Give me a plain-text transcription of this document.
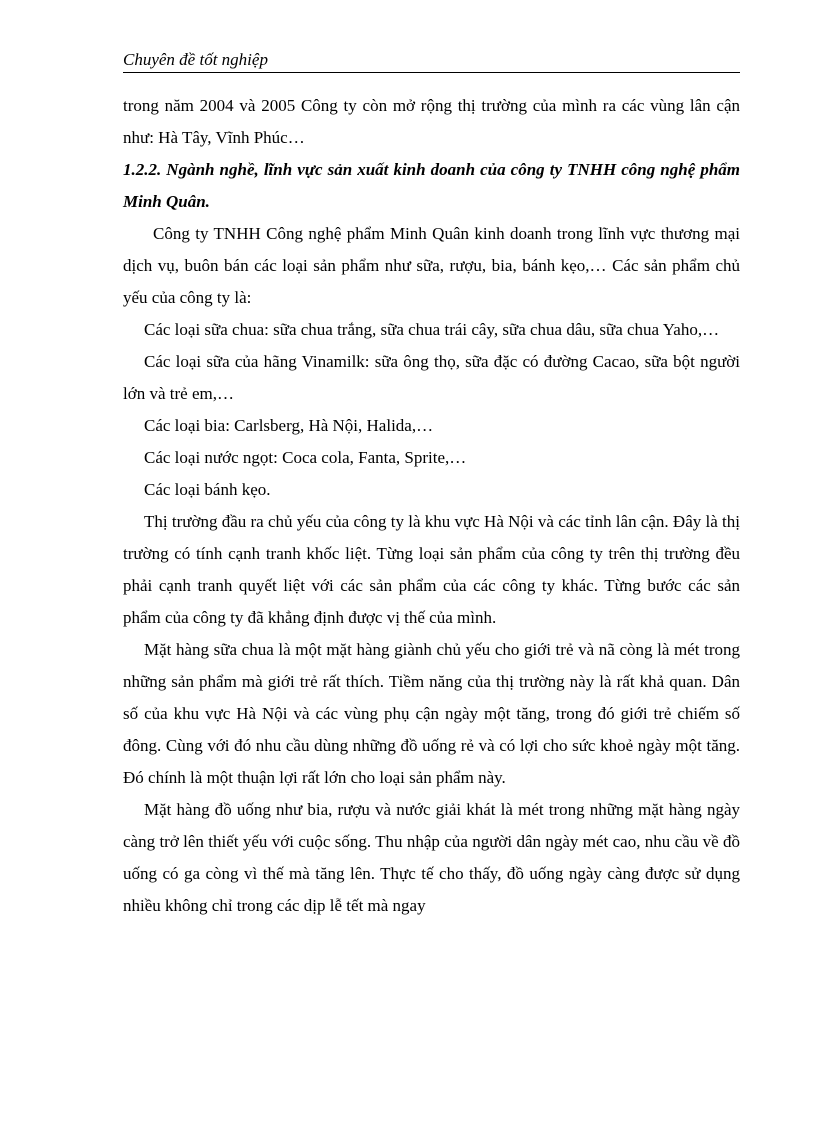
Chuyên đề tốt nghiệp

trong năm 2004 và 2005 Công ty còn mở rộng thị trường của mình ra các vùng lân cận như: Hà Tây, Vĩnh Phúc…

1.2.2. Ngành nghề, lĩnh vực sản xuất kinh doanh của công ty TNHH công nghệ phẩm Minh Quân.

Công ty TNHH Công nghệ phẩm Minh Quân kinh doanh trong lĩnh vực thương mại dịch vụ, buôn bán các loại sản phẩm như sữa, rượu, bia, bánh kẹo,… Các sản phẩm chủ yếu của công ty là:

Các loại sữa chua: sữa chua trắng, sữa chua trái cây, sữa chua dâu, sữa chua Yaho,…

Các loại sữa của hãng Vinamilk: sữa ông thọ, sữa đặc có đường Cacao, sữa bột người lớn và trẻ em,…

Các loại bia: Carlsberg, Hà Nội, Halida,…

Các loại nước ngọt: Coca cola, Fanta, Sprite,…

Các loại bánh kẹo.

Thị trường đầu ra chủ yếu của công ty là khu vực Hà Nội và các tỉnh lân cận. Đây là thị trường có tính cạnh tranh khốc liệt. Từng loại sản phẩm của công ty trên thị trường đều phải cạnh tranh quyết liệt với các sản phẩm của các công ty khác. Từng bước các sản phẩm của công ty đã khẳng định được vị thế của mình.

Mặt hàng sữa chua là một mặt hàng giành chủ yếu cho giới trẻ và nã còng là mét trong những sản phẩm mà giới trẻ rất thích. Tiềm năng của thị trường này là rất khả quan. Dân số của khu vực Hà Nội và các vùng phụ cận ngày một tăng, trong đó giới trẻ chiếm số đông. Cùng với đó nhu cầu dùng những đồ uống rẻ và có lợi cho sức khoẻ ngày một tăng. Đó chính là một thuận lợi rất lớn cho loại sản phẩm này.

Mặt hàng đồ uống như bia, rượu và nước giải khát là mét trong những mặt hàng ngày càng trở lên thiết yếu với cuộc sống. Thu nhập của người dân ngày mét cao, nhu cầu về đồ uống có ga còng vì thế mà tăng lên. Thực tế cho thấy, đồ uống ngày càng được sử dụng nhiều không chỉ trong các dịp lễ tết mà ngay
